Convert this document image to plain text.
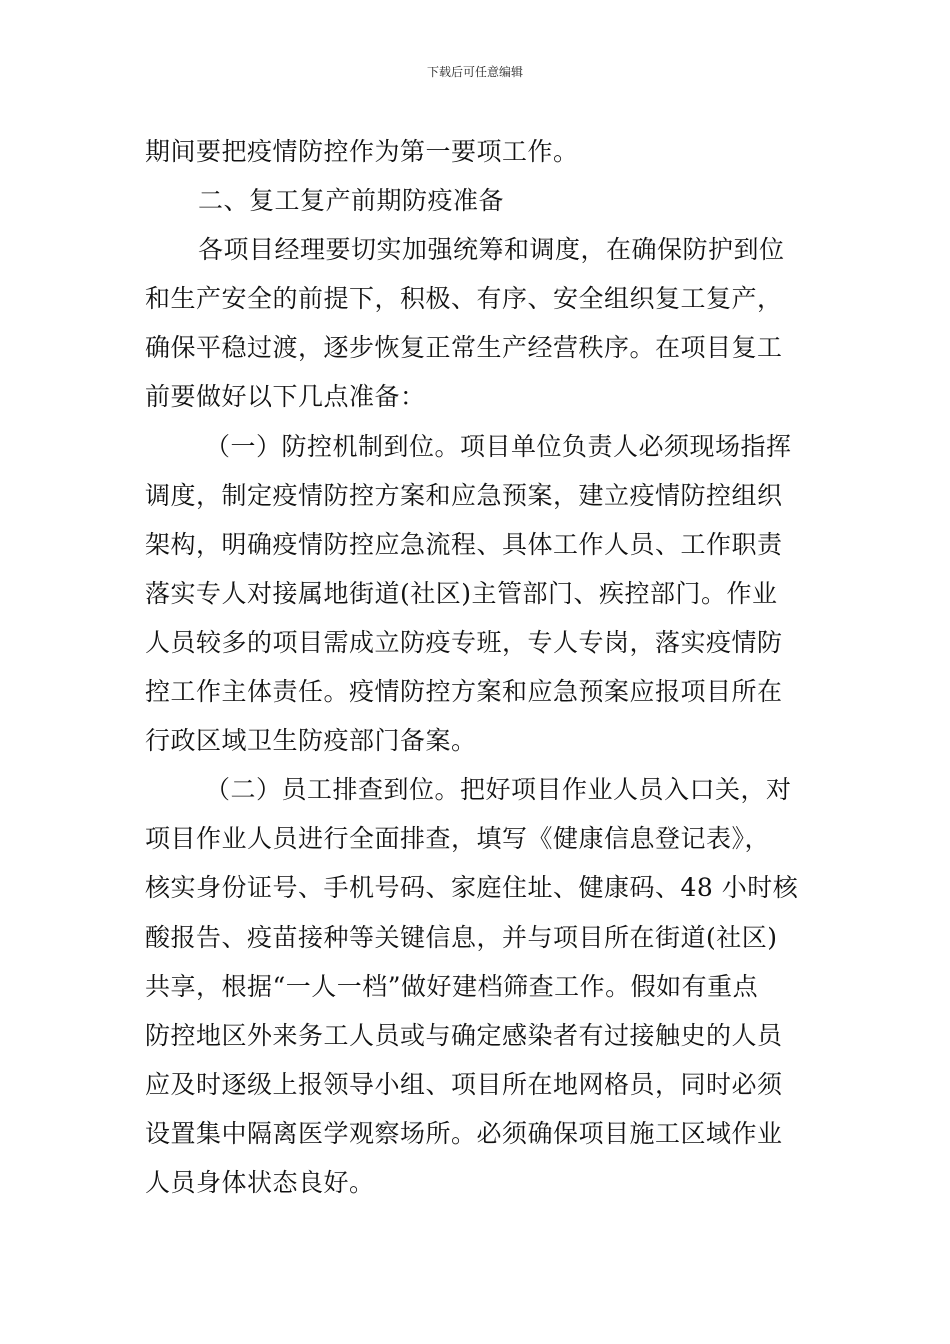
下载后可任意编辑
期间要把疫情防控作为第一要项工作。
二、复工复产前期防疫准备
各项目经理要切实加强统筹和调度，在确保防护到位
和生产安全的前提下，积极、有序、安全组织复工复产，
确保平稳过渡，逐步恢复正常生产经营秩序。在项目复工
前要做好以下几点准备：
（一）防控机制到位。项目单位负责人必须现场指挥
调度，制定疫情防控方案和应急预案，建立疫情防控组织
架构，明确疫情防控应急流程、具体工作人员、工作职责
落实专人对接属地街道(社区)主管部门、疾控部门。作业
人员较多的项目需成立防疫专班，专人专岗，落实疫情防
控工作主体责任。疫情防控方案和应急预案应报项目所在
行政区域卫生防疫部门备案。
（二）员工排查到位。把好项目作业人员入口关，对
项目作业人员进行全面排查，填写《健康信息登记表》，
核实身份证号、手机号码、家庭住址、健康码、48 小时核
酸报告、疫苗接种等关键信息，并与项目所在街道(社区)
共享，根据“一人一档”做好建档筛查工作。假如有重点
防控地区外来务工人员或与确定感染者有过接触史的人员
应及时逐级上报领导小组、项目所在地网格员，同时必须
设置集中隔离医学观察场所。必须确保项目施工区域作业
人员身体状态良好。
